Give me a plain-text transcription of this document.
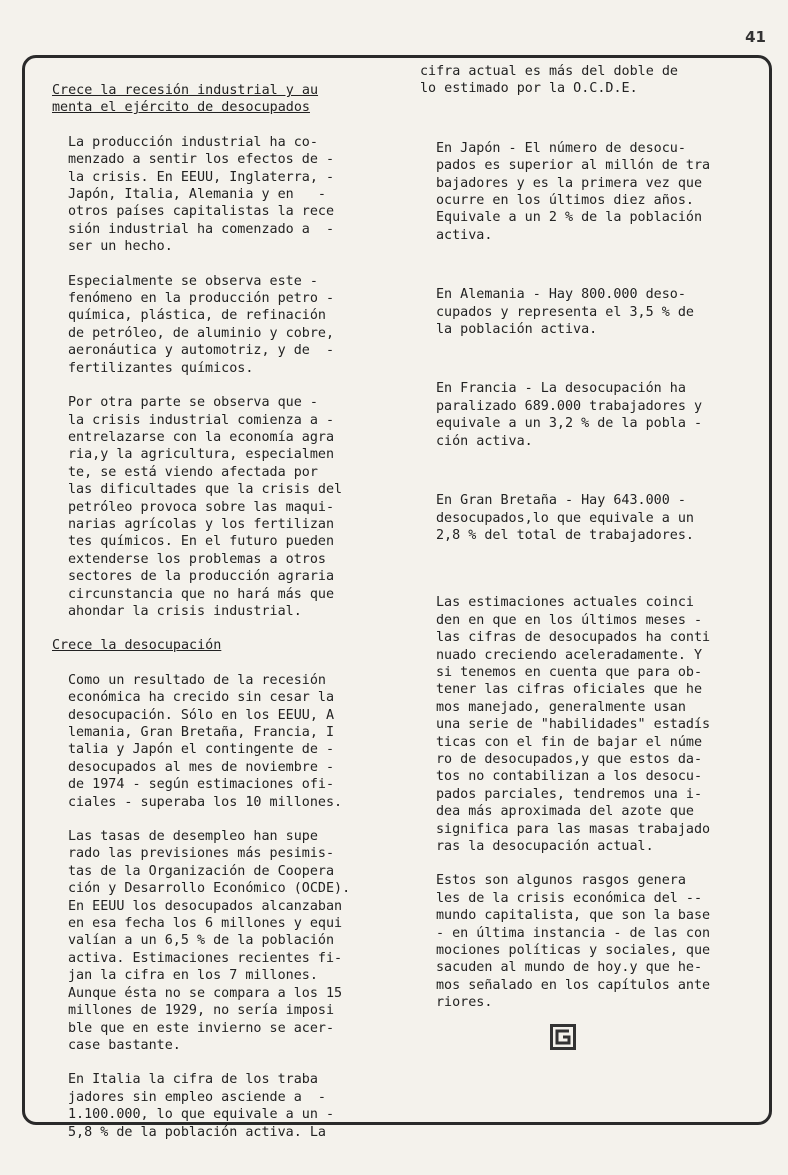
41

Crece la recesión industrial y au
menta el ejército de desocupados

La producción industrial ha co-
menzado a sentir los efectos de -
la crisis. En EEUU, Inglaterra, -
Japón, Italia, Alemania y en   -
otros países capitalistas la rece
sión industrial ha comenzado a  -
ser un hecho.

Especialmente se observa este -
fenómeno en la producción petro -
química, plástica, de refinación
de petróleo, de aluminio y cobre,
aeronáutica y automotriz, y de  -
fertilizantes químicos.

Por otra parte se observa que -
la crisis industrial comienza a -
entrelazarse con la economía agra
ria,y la agricultura, especialmen
te, se está viendo afectada por
las dificultades que la crisis del
petróleo provoca sobre las maqui-
narias agrícolas y los fertilizan
tes químicos. En el futuro pueden
extenderse los problemas a otros
sectores de la producción agraria
circunstancia que no hará más que
ahondar la crisis industrial.

Crece la desocupación

Como un resultado de la recesión
económica ha crecido sin cesar la
desocupación. Sólo en los EEUU, A
lemania, Gran Bretaña, Francia, I
talia y Japón el contingente de -
desocupados al mes de noviembre -
de 1974 - según estimaciones ofi-
ciales - superaba los 10 millones.

Las tasas de desempleo han supe
rado las previsiones más pesimis-
tas de la Organización de Coopera
ción y Desarrollo Económico (OCDE).
En EEUU los desocupados alcanzaban
en esa fecha los 6 millones y equi
valían a un 6,5 % de la población
activa. Estimaciones recientes fi-
jan la cifra en los 7 millones.
Aunque ésta no se compara a los 15
millones de 1929, no sería imposi
ble que en este invierno se acer-
case bastante.

En Italia la cifra de los traba
jadores sin empleo asciende a  -
1.100.000, lo que equivale a un -
5,8 % de la población activa. La

cifra actual es más del doble de
lo estimado por la O.C.D.E.

En Japón - El número de desocu-
pados es superior al millón de tra
bajadores y es la primera vez que
ocurre en los últimos diez años.
Equivale a un 2 % de la población
activa.

En Alemania - Hay 800.000 deso-
cupados y representa el 3,5 % de
la población activa.

En Francia - La desocupación ha
paralizado 689.000 trabajadores y
equivale a un 3,2 % de la pobla -
ción activa.

En Gran Bretaña - Hay 643.000 -
desocupados,lo que equivale a un
2,8 % del total de trabajadores.

Las estimaciones actuales coinci
den en que en los últimos meses -
las cifras de desocupados ha conti
nuado creciendo aceleradamente. Y
si tenemos en cuenta que para ob-
tener las cifras oficiales que he
mos manejado, generalmente usan
una serie de "habilidades" estadís
ticas con el fin de bajar el núme
ro de desocupados,y que estos da-
tos no contabilizan a los desocu-
pados parciales, tendremos una i-
dea más aproximada del azote que
significa para las masas trabajado
ras la desocupación actual.

Estos son algunos rasgos genera
les de la crisis económica del --
mundo capitalista, que son la base
- en última instancia - de las con
mociones políticas y sociales, que
sacuden al mundo de hoy.y que he-
mos señalado en los capítulos ante
riores.
